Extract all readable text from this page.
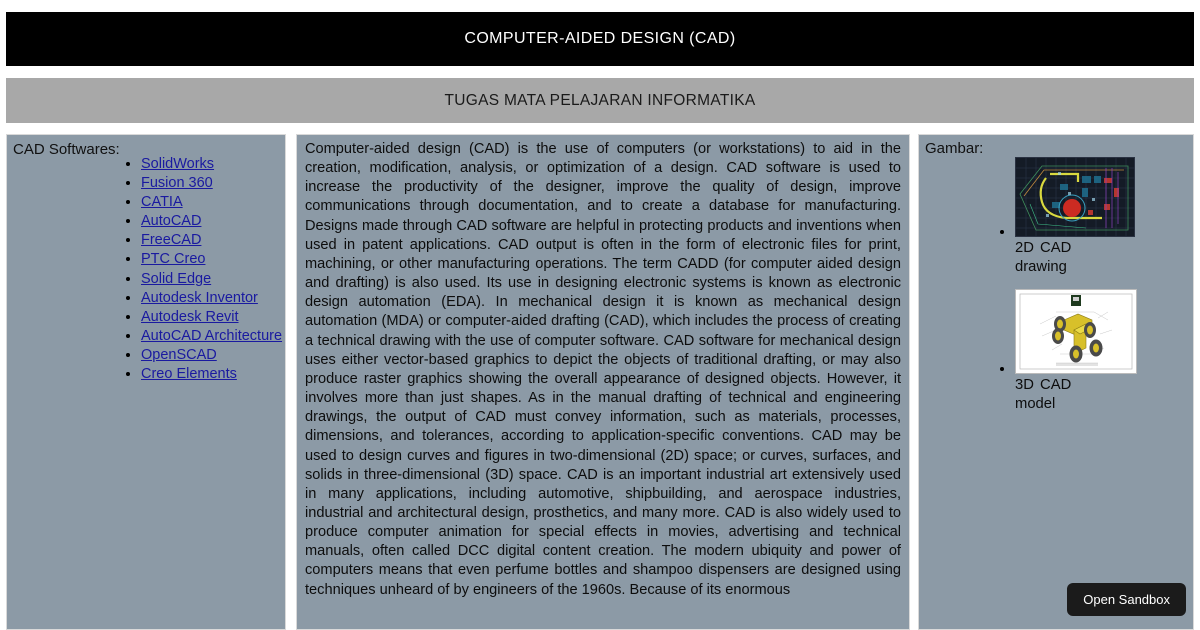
COMPUTER-AIDED DESIGN (CAD)
TUGAS MATA PELAJARAN INFORMATIKA
CAD Softwares:
• SolidWorks
• Fusion 360
• CATIA
• AutoCAD
• FreeCAD
• PTC Creo
• Solid Edge
• Autodesk Inventor
• Autodesk Revit
• AutoCAD Architecture
• OpenSCAD
• Creo Elements

Computer-aided design (CAD) is the use of computers (or workstations) to aid in the creation, modification, analysis, or optimization of a design. CAD software is used to increase the productivity of the designer, improve the quality of design, improve communications through documentation, and to create a database for manufacturing. Designs made through CAD software are helpful in protecting products and inventions when used in patent applications. CAD output is often in the form of electronic files for print, machining, or other manufacturing operations. The term CADD (for computer aided design and drafting) is also used. Its use in designing electronic systems is known as electronic design automation (EDA). In mechanical design it is known as mechanical design automation (MDA) or computer-aided drafting (CAD), which includes the process of creating a technical drawing with the use of computer software. CAD software for mechanical design uses either vector-based graphics to depict the objects of traditional drafting, or may also produce raster graphics showing the overall appearance of designed objects. However, it involves more than just shapes. As in the manual drafting of technical and engineering drawings, the output of CAD must convey information, such as materials, processes, dimensions, and tolerances, according to application-specific conventions. CAD may be used to design curves and figures in two-dimensional (2D) space; or curves, surfaces, and solids in three-dimensional (3D) space. CAD is an important industrial art extensively used in many applications, including automotive, shipbuilding, and aerospace industries, industrial and architectural design, prosthetics, and many more. CAD is also widely used to produce computer animation for special effects in movies, advertising and technical manuals, often called DCC digital content creation. The modern ubiquity and power of computers means that even perfume bottles and shampoo dispensers are designed using techniques unheard of by engineers of the 1960s. Because of its enormous

Gambar:
• 2D CAD
drawing
• 3D CAD
model
Open Sandbox
